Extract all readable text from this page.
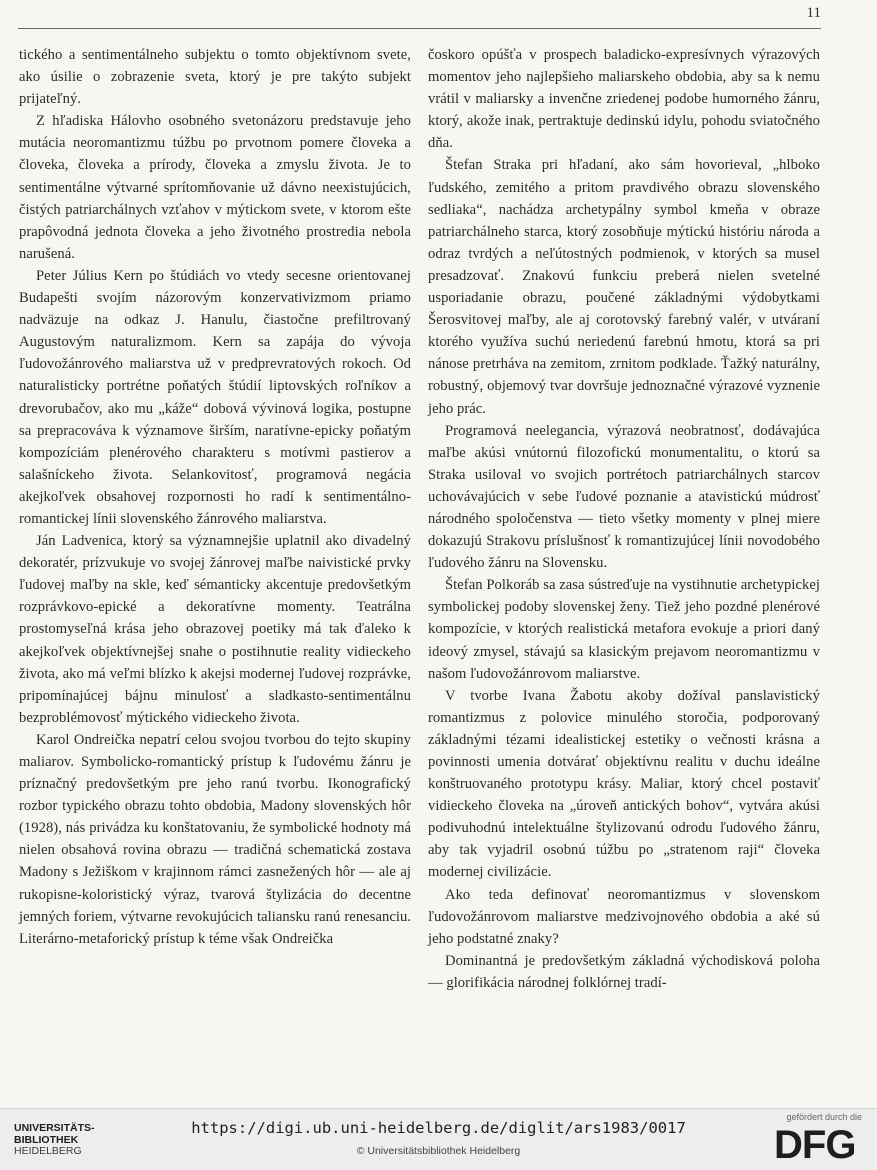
11

tického a sentimentálneho subjektu o tomto objektívnom svete, ako úsilie o zobrazenie sveta, ktorý je pre takýto subjekt prijateľný.

Z hľadiska Hálovho osobného svetonázoru predstavuje jeho mutácia neoromantizmu túžbu po prvotnom pomere človeka a človeka, človeka a prírody, človeka a zmyslu života. Je to sentimentálne výtvarné sprítomňovanie už dávno neexistujúcich, čistých patriarchálnych vzťahov v mýtickom svete, v ktorom ešte prapôvodná jednota človeka a jeho životného prostredia nebola narušená.

Peter Július Kern po štúdiách vo vtedy secesne orientovanej Budapešti svojím názorovým konzervativizmom priamo nadväzuje na odkaz J. Hanulu, čiastočne prefiltrovaný Augustovým naturalizmom. Kern sa zapája do vývoja ľudovožánrového maliarstva už v predprevratových rokoch. Od naturalisticky portrétne poňatých štúdií liptovských roľníkov a drevorubačov, ako mu „káže“ dobová vývinová logika, postupne sa prepracováva k významove širším, naratívne-epicky poňatým kompozíciám plenérového charakteru s motívmi pastierov a salašníckeho života. Selankovitosť, programová negácia akejkoľvek obsahovej rozpornosti ho radí k sentimentálno-romantickej línii slovenského žánrového maliarstva.

Ján Ladvenica, ktorý sa významnejšie uplatnil ako divadelný dekoratér, prízvukuje vo svojej žánrovej maľbe naivistické prvky ľudovej maľby na skle, keď sémanticky akcentuje predovšetkým rozprávkovo-epické a dekoratívne momenty. Teatrálna prostomyseľná krása jeho obrazovej poetiky má tak ďaleko k akejkoľvek objektívnejšej snahe o postihnutie reality vidieckeho života, ako má veľmi blízko k akejsi modernej ľudovej rozprávke, pripomínajúcej bájnu minulosť a sladkasto-sentimentálnu bezproblémovosť mýtického vidieckeho života.

Karol Ondreička nepatrí celou svojou tvorbou do tejto skupiny maliarov. Symbolicko-romantický prístup k ľudovému žánru je príznačný predovšetkým pre jeho ranú tvorbu. Ikonografický rozbor typického obrazu tohto obdobia, Madony slovenských hôr (1928), nás privádza ku konštatovaniu, že symbolické hodnoty má nielen obsahová rovina obrazu — tradičná schematická zostava Madony s Ježiškom v krajinnom rámci zasnežených hôr — ale aj rukopisne-koloristický výraz, tvarová štylizácia do decentne jemných foriem, výtvarne revokujúcich taliansku ranú renesanciu. Literárno-metaforický prístup k téme však Ondreička

čoskoro opúšťa v prospech baladicko-expresívnych výrazových momentov jeho najlepšieho maliarskeho obdobia, aby sa k nemu vrátil v maliarsky a invenčne zriedenej podobe humorného žánru, ktorý, akože inak, pertraktuje dedinskú idylu, pohodu sviatočného dňa.

Štefan Straka pri hľadaní, ako sám hovorieval, „hlboko ľudského, zemitého a pritom pravdivého obrazu slovenského sedliaka“, nachádza archetypálny symbol kmeňa v obraze patriarchálneho starca, ktorý zosobňuje mýtickú históriu národa a odraz tvrdých a neľútostných podmienok, v ktorých sa musel presadzovať. Znakovú funkciu preberá nielen svetelné usporiadanie obrazu, poučené základnými výdobytkami Šerosvitovej maľby, ale aj corotovský farebný valér, v utváraní ktorého využíva suchú neriedenú farebnú hmotu, ktorá sa pri nánose pretrháva na zemitom, zrnitom podklade. Ťažký naturálny, robustný, objemový tvar dovršuje jednoznačné výrazové vyznenie jeho prác.

Programová neelegancia, výrazová neobratnosť, dodávajúca maľbe akúsi vnútornú filozofickú monumentalitu, o ktorú sa Straka usiloval vo svojich portrétoch patriarchálnych starcov uchovávajúcich v sebe ľudové poznanie a atavistickú múdrosť národného spoločenstva — tieto všetky momenty v plnej miere dokazujú Strakovu príslušnosť k romantizujúcej línii novodobého ľudového žánru na Slovensku.

Štefan Polkoráb sa zasa sústreďuje na vystihnutie archetypickej symbolickej podoby slovenskej ženy. Tiež jeho pozdné plenérové kompozície, v ktorých realistická metafora evokuje a priori daný ideový zmysel, stávajú sa klasickým prejavom neoromantizmu v našom ľudovožánrovom maliarstve.

V tvorbe Ivana Žabotu akoby dožíval panslavistický romantizmus z polovice minulého storočia, podporovaný základnými tézami idealistickej estetiky o večnosti krásna a povinnosti umenia dotvárať objektívnu realitu v duchu ideálne konštruovaného prototypu krásy. Maliar, ktorý chcel postaviť vidieckeho človeka na „úroveň antických bohov“, vytvára akúsi podivuhodnú intelektuálne štylizovanú odrodu ľudového žánru, aby tak vyjadril osobnú túžbu po „stratenom raji“ človeka modernej civilizácie.

Ako teda definovať neoromantizmus v slovenskom ľudovožánrovom maliarstve medzivojnového obdobia a aké sú jeho podstatné znaky?

Dominantná je predovšetkým základná východisková poloha — glorifikácia národnej folklórnej tradí-

UNIVERSITÄTS-
BIBLIOTHEK
HEIDELBERG
https://digi.ub.uni-heidelberg.de/diglit/ars1983/0017
© Universitätsbibliothek Heidelberg
gefördert durch die
DFG
